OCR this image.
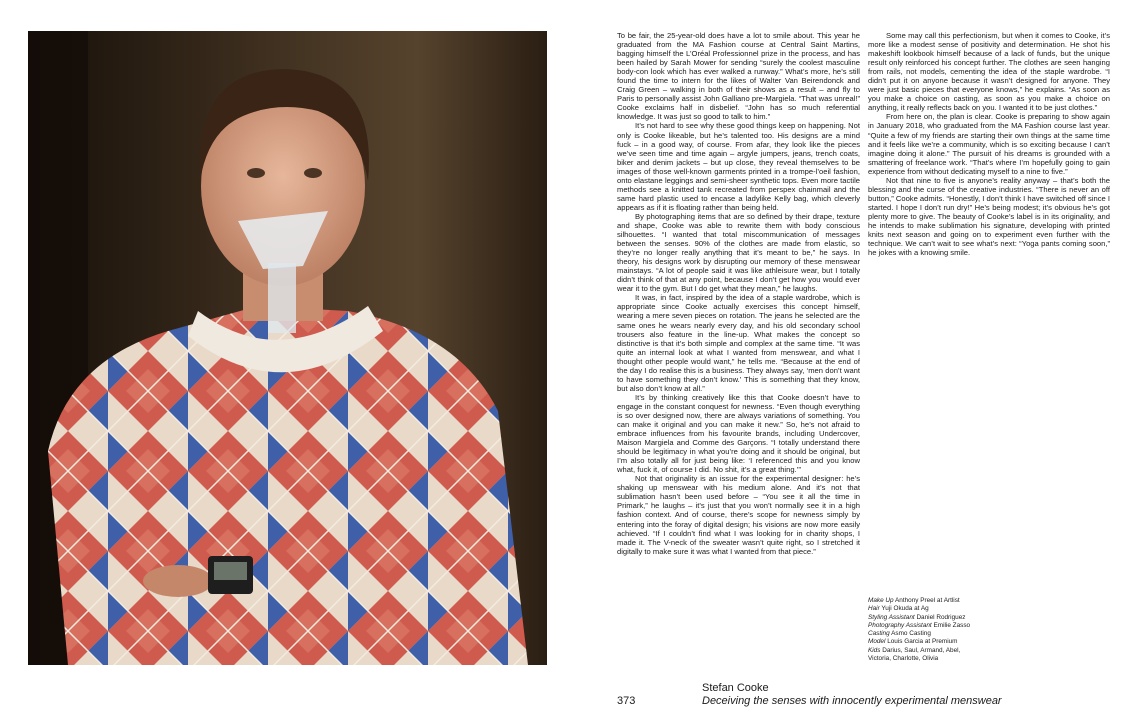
To be fair, the 25-year-old does have a lot to smile about. This year he graduated from the MA Fashion course at Central Saint Martins, bagging himself the L’Oréal Professionnel prize in the process, and has been hailed by Sarah Mower for sending “surely the coolest masculine body-con look which has ever walked a runway.” What’s more, he’s still found the time to intern for the likes of Walter Van Beirendonck and Craig Green – walking in both of their shows as a result – and fly to Paris to personally assist John Galliano pre-Margiela. “That was unreal!” Cooke exclaims half in disbelief. “John has so much referential knowledge. It was just so good to talk to him.”

It’s not hard to see why these good things keep on happening. Not only is Cooke likeable, but he’s talented too. His designs are a mind fuck – in a good way, of course. From afar, they look like the pieces we’ve seen time and time again – argyle jumpers, jeans, trench coats, biker and denim jackets – but up close, they reveal themselves to be images of those well-known garments printed in a trompe-l’oeil fashion, onto elastane leggings and semi-sheer synthetic tops. Even more tactile methods see a knitted tank recreated from perspex chainmail and the same hard plastic used to encase a ladylike Kelly bag, which cleverly appears as if it is floating rather than being held.

By photographing items that are so defined by their drape, texture and shape, Cooke was able to rewrite them with body conscious silhouettes. “I wanted that total miscommunication of messages between the senses. 90% of the clothes are made from elastic, so they’re no longer really anything that it’s meant to be,” he says. In theory, his designs work by disrupting our memory of these menswear mainstays. “A lot of people said it was like athleisure wear, but I totally didn’t think of that at any point, because I don’t get how you would ever wear it to the gym. But I do get what they mean,” he laughs.

It was, in fact, inspired by the idea of a staple wardrobe, which is appropriate since Cooke actually exercises this concept himself, wearing a mere seven pieces on rotation. The jeans he selected are the same ones he wears nearly every day, and his old secondary school trousers also feature in the line-up. What makes the concept so distinctive is that it’s both simple and complex at the same time. “It was quite an internal look at what I wanted from menswear, and what I thought other people would want,” he tells me. “Because at the end of the day I do realise this is a business. They always say, ‘men don’t want to have something they don’t know.’ This is something that they know, but also don’t know at all.”

It’s by thinking creatively like this that Cooke doesn’t have to engage in the constant conquest for newness. “Even though everything is so over designed now, there are always variations of something. You can make it original and you can make it new.” So, he’s not afraid to embrace influences from his favourite brands, including Undercover, Maison Margiela and Comme des Garçons. “I totally understand there should be legitimacy in what you’re doing and it should be original, but I’m also totally all for just being like: ‘I referenced this and you know what, fuck it, of course I did. No shit, it’s a great thing.’”

Not that originality is an issue for the experimental designer: he’s shaking up menswear with his medium alone. And it’s not that sublimation hasn’t been used before – “You see it all the time in Primark,” he laughs – it’s just that you won’t normally see it in a high fashion context. And of course, there’s scope for newness simply by entering into the foray of digital design; his visions are now more easily achieved. “If I couldn’t find what I was looking for in charity shops, I made it. The V-neck of the sweater wasn’t quite right, so I stretched it digitally to make sure it was what I wanted from that piece.”

Some may call this perfectionism, but when it comes to Cooke, it’s more like a modest sense of positivity and determination. He shot his makeshift lookbook himself because of a lack of funds, but the unique result only reinforced his concept further. The clothes are seen hanging from rails, not models, cementing the idea of the staple wardrobe. “I didn’t put it on anyone because it wasn’t designed for anyone. They were just basic pieces that everyone knows,” he explains. “As soon as you make a choice on casting, as soon as you make a choice on anything, it really reflects back on you. I wanted it to be just clothes.”

From here on, the plan is clear. Cooke is preparing to show again in January 2018, who graduated from the MA Fashion course last year. “Quite a few of my friends are starting their own things at the same time and it feels like we’re a community, which is so exciting because I can’t imagine doing it alone.” The pursuit of his dreams is grounded with a smattering of freelance work. “That’s where I’m hopefully going to gain experience from without dedicating myself to a nine to five.”

Not that nine to five is anyone’s reality anyway – that’s both the blessing and the curse of the creative industries. “There is never an off button,” Cooke admits. “Honestly, I don’t think I have switched off since I started. I hope I don’t run dry!” He’s being modest; it’s obvious he’s got plenty more to give. The beauty of Cooke’s label is in its originality, and he intends to make sublimation his signature, developing with printed knits next season and going on to experiment even further with the technique. We can’t wait to see what’s next: “Yoga pants coming soon,” he jokes with a knowing smile.

Make Up Anthony Preel at Artlist
Hair Yuji Okuda at Ag
Styling Assistant Daniel Rodriguez
Photography Assistant Emilie Zasso
Casting Asmo Casting
Model Louis Garcia at Premium
Kids Darius, Saul, Armand, Abel,
Victoria, Charlotte, Olivia
373
Stefan Cooke
Deceiving the senses with innocently experimental menswear
